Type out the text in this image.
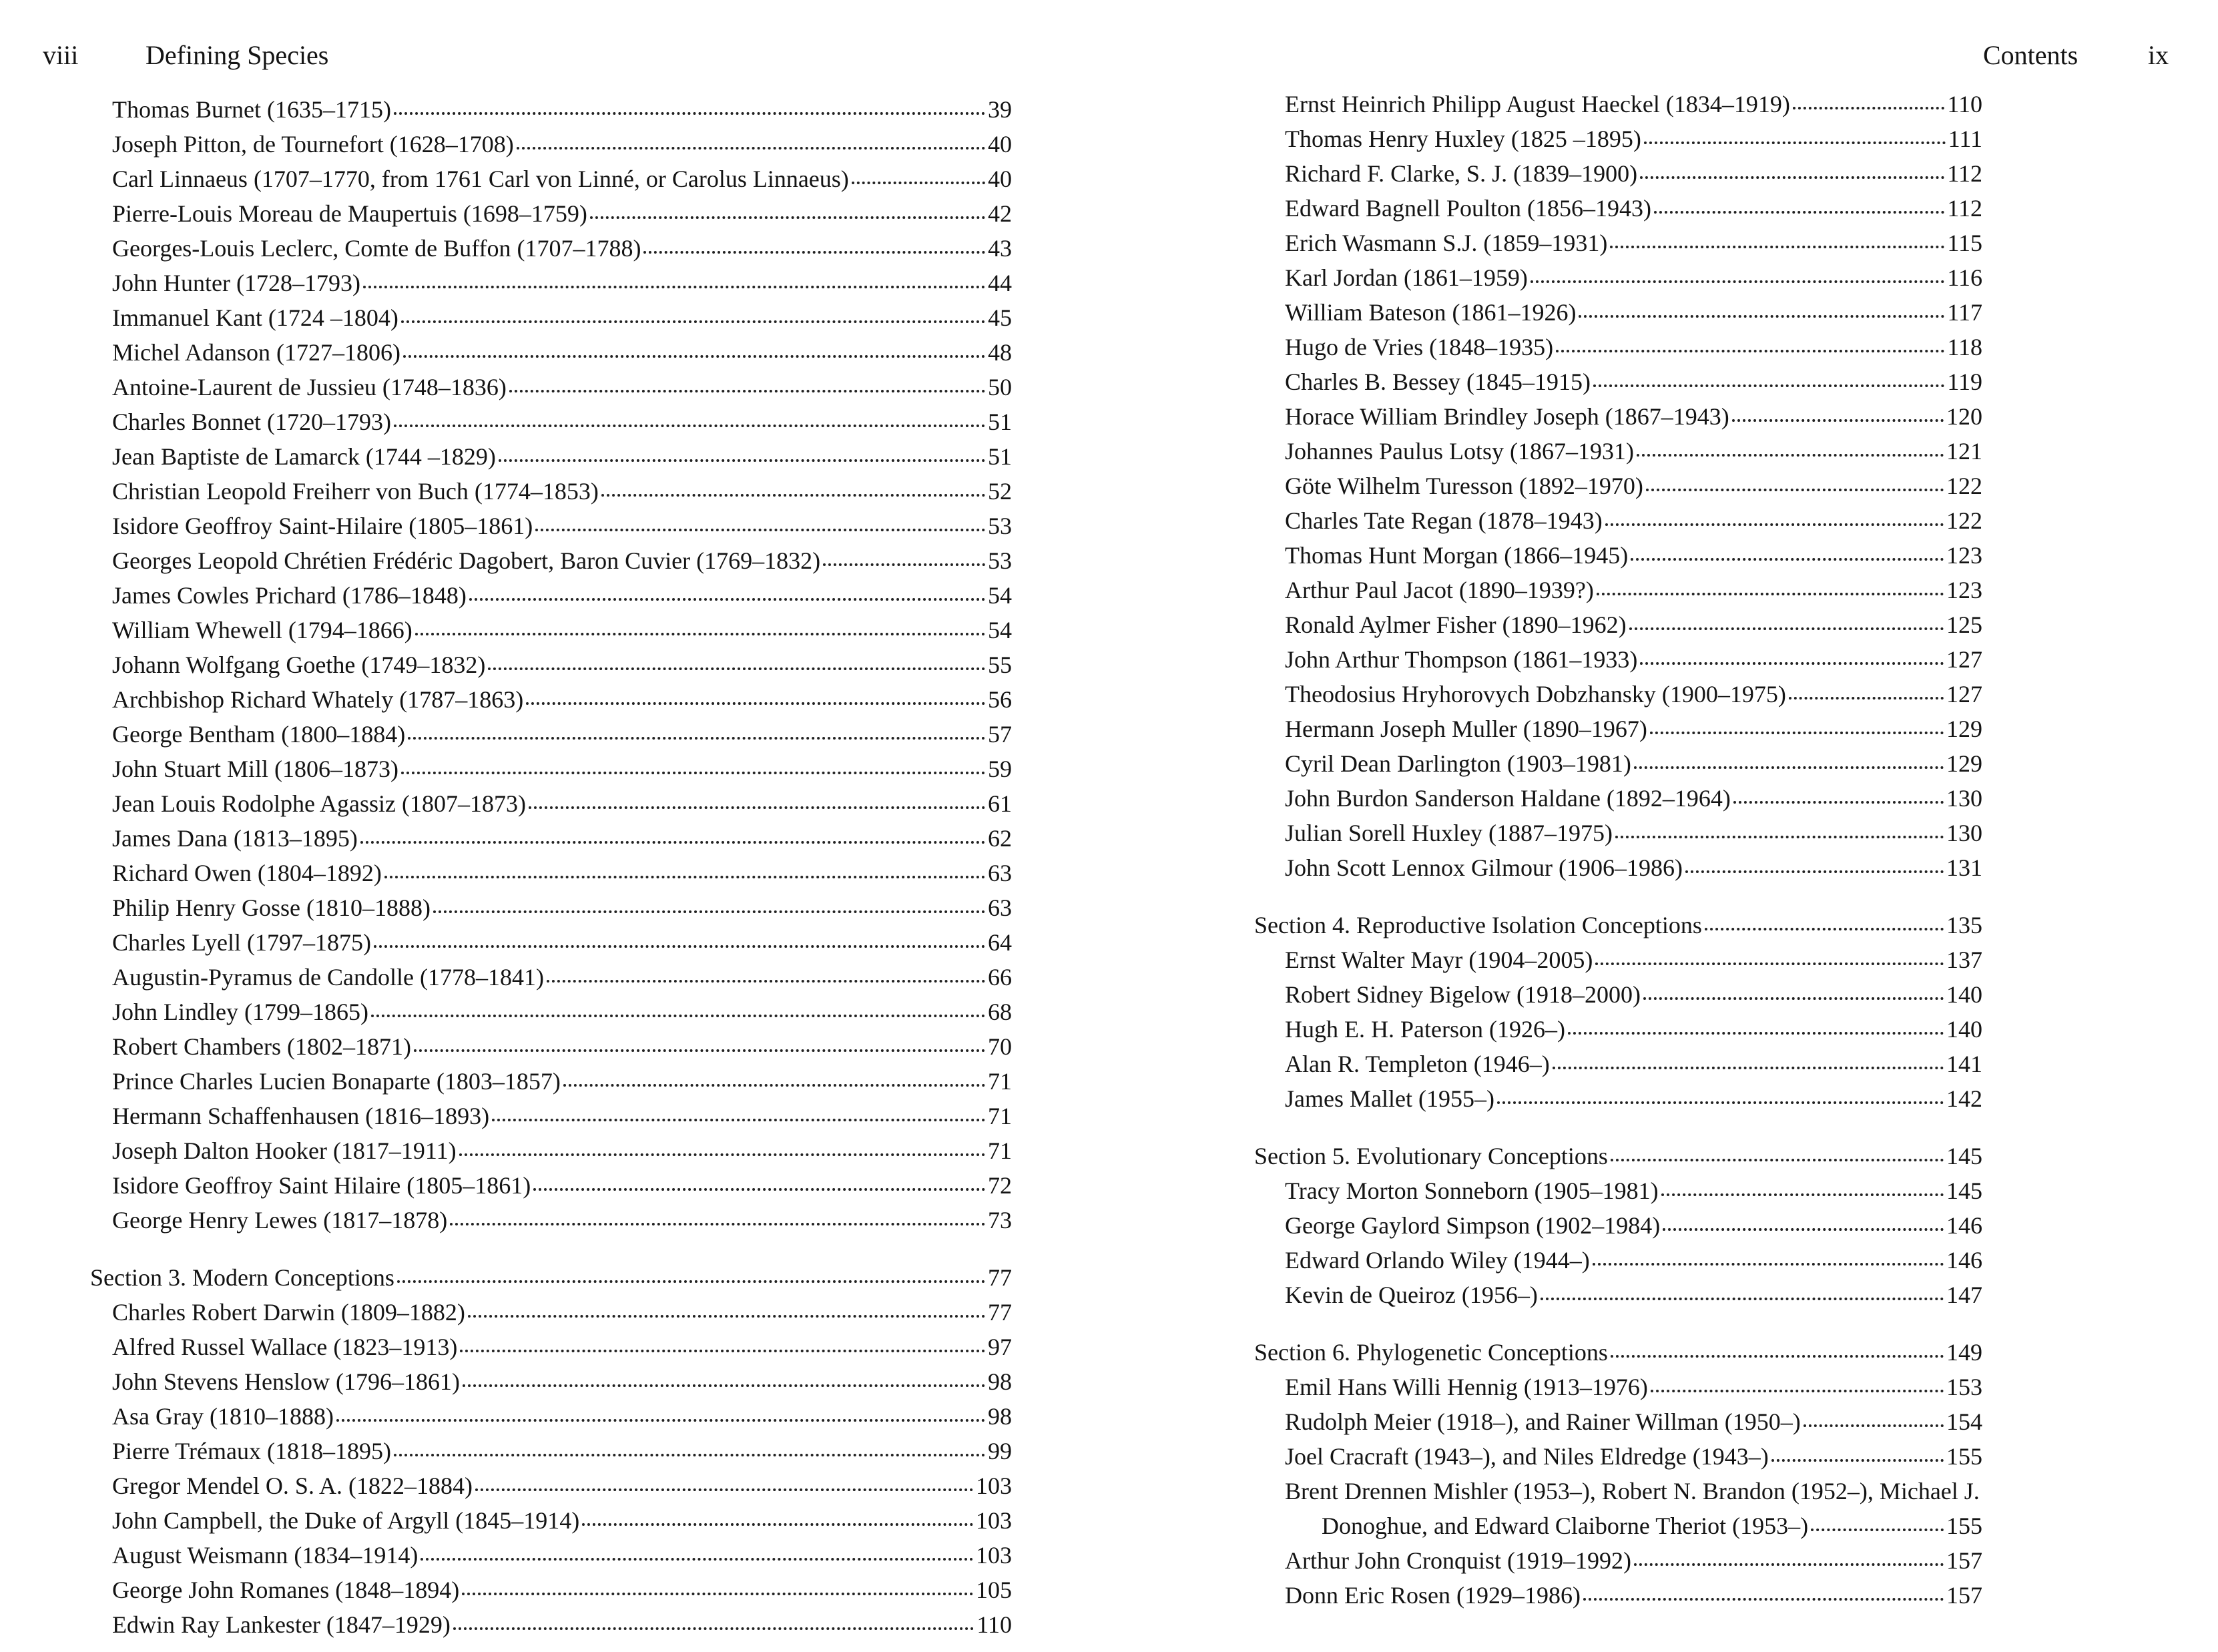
viii	Defining Species
Thomas Burnet (1635–1715)	39
Joseph Pitton, de Tournefort (1628–1708)	40
Carl Linnaeus (1707–1770, from 1761 Carl von Linné, or Carolus Linnaeus)	40
Pierre-Louis Moreau de Maupertuis (1698–1759)	42
Georges-Louis Leclerc, Comte de Buffon (1707–1788)	43
John Hunter (1728–1793)	44
Immanuel Kant (1724 –1804)	45
Michel Adanson (1727–1806)	48
Antoine-Laurent de Jussieu (1748–1836)	50
Charles Bonnet (1720–1793)	51
Jean Baptiste de Lamarck (1744 –1829)	51
Christian Leopold Freiherr von Buch (1774–1853)	52
Isidore Geoffroy Saint-Hilaire (1805–1861)	53
Georges Leopold Chrétien Frédéric Dagobert, Baron Cuvier (1769–1832)	53
James Cowles Prichard (1786–1848)	54
William Whewell (1794–1866)	54
Johann Wolfgang Goethe (1749–1832)	55
Archbishop Richard Whately (1787–1863)	56
George Bentham (1800–1884)	57
John Stuart Mill (1806–1873)	59
Jean Louis Rodolphe Agassiz (1807–1873)	61
James Dana (1813–1895)	62
Richard Owen (1804–1892)	63
Philip Henry Gosse (1810–1888)	63
Charles Lyell (1797–1875)	64
Augustin-Pyramus de Candolle (1778–1841)	66
John Lindley (1799–1865)	68
Robert Chambers (1802–1871)	70
Prince Charles Lucien Bonaparte (1803–1857)	71
Hermann Schaffenhausen (1816–1893)	71
Joseph Dalton Hooker (1817–1911)	71
Isidore Geoffroy Saint Hilaire (1805–1861)	72
George Henry Lewes (1817–1878)	73
Section 3. Modern Conceptions	77
Charles Robert Darwin (1809–1882)	77
Alfred Russel Wallace (1823–1913)	97
John Stevens Henslow (1796–1861)	98
Asa Gray (1810–1888)	98
Pierre Trémaux (1818–1895)	99
Gregor Mendel O. S. A. (1822–1884)	103
John Campbell, the Duke of Argyll (1845–1914)	103
August Weismann (1834–1914)	103
George John Romanes (1848–1894)	105
Edwin Ray Lankester (1847–1929)	110
Contents	ix
Ernst Heinrich Philipp August Haeckel (1834–1919)	110
Thomas Henry Huxley (1825 –1895)	111
Richard F. Clarke, S. J. (1839–1900)	112
Edward Bagnell Poulton (1856–1943)	112
Erich Wasmann S.J. (1859–1931)	115
Karl Jordan (1861–1959)	116
William Bateson (1861–1926)	117
Hugo de Vries (1848–1935)	118
Charles B. Bessey (1845–1915)	119
Horace William Brindley Joseph (1867–1943)	120
Johannes Paulus Lotsy (1867–1931)	121
Göte Wilhelm Turesson (1892–1970)	122
Charles Tate Regan (1878–1943)	122
Thomas Hunt Morgan (1866–1945)	123
Arthur Paul Jacot (1890–1939?)	123
Ronald Aylmer Fisher (1890–1962)	125
John Arthur Thompson (1861–1933)	127
Theodosius Hryhorovych Dobzhansky (1900–1975)	127
Hermann Joseph Muller (1890–1967)	129
Cyril Dean Darlington (1903–1981)	129
John Burdon Sanderson Haldane (1892–1964)	130
Julian Sorell Huxley (1887–1975)	130
John Scott Lennox Gilmour (1906–1986)	131
Section 4. Reproductive Isolation Conceptions	135
Ernst Walter Mayr (1904–2005)	137
Robert Sidney Bigelow (1918–2000)	140
Hugh E. H. Paterson (1926–)	140
Alan R. Templeton (1946–)	141
James Mallet (1955–)	142
Section 5. Evolutionary Conceptions	145
Tracy Morton Sonneborn (1905–1981)	145
George Gaylord Simpson (1902–1984)	146
Edward Orlando Wiley (1944–)	146
Kevin de Queiroz (1956–)	147
Section 6. Phylogenetic Conceptions	149
Emil Hans Willi Hennig (1913–1976)	153
Rudolph Meier (1918–), and Rainer Willman (1950–)	154
Joel Cracraft (1943–), and Niles Eldredge (1943–)	155
Brent Drennen Mishler (1953–), Robert N. Brandon (1952–), Michael J.
Donoghue, and Edward Claiborne Theriot (1953–)	155
Arthur John Cronquist (1919–1992)	157
Donn Eric Rosen (1929–1986)	157
